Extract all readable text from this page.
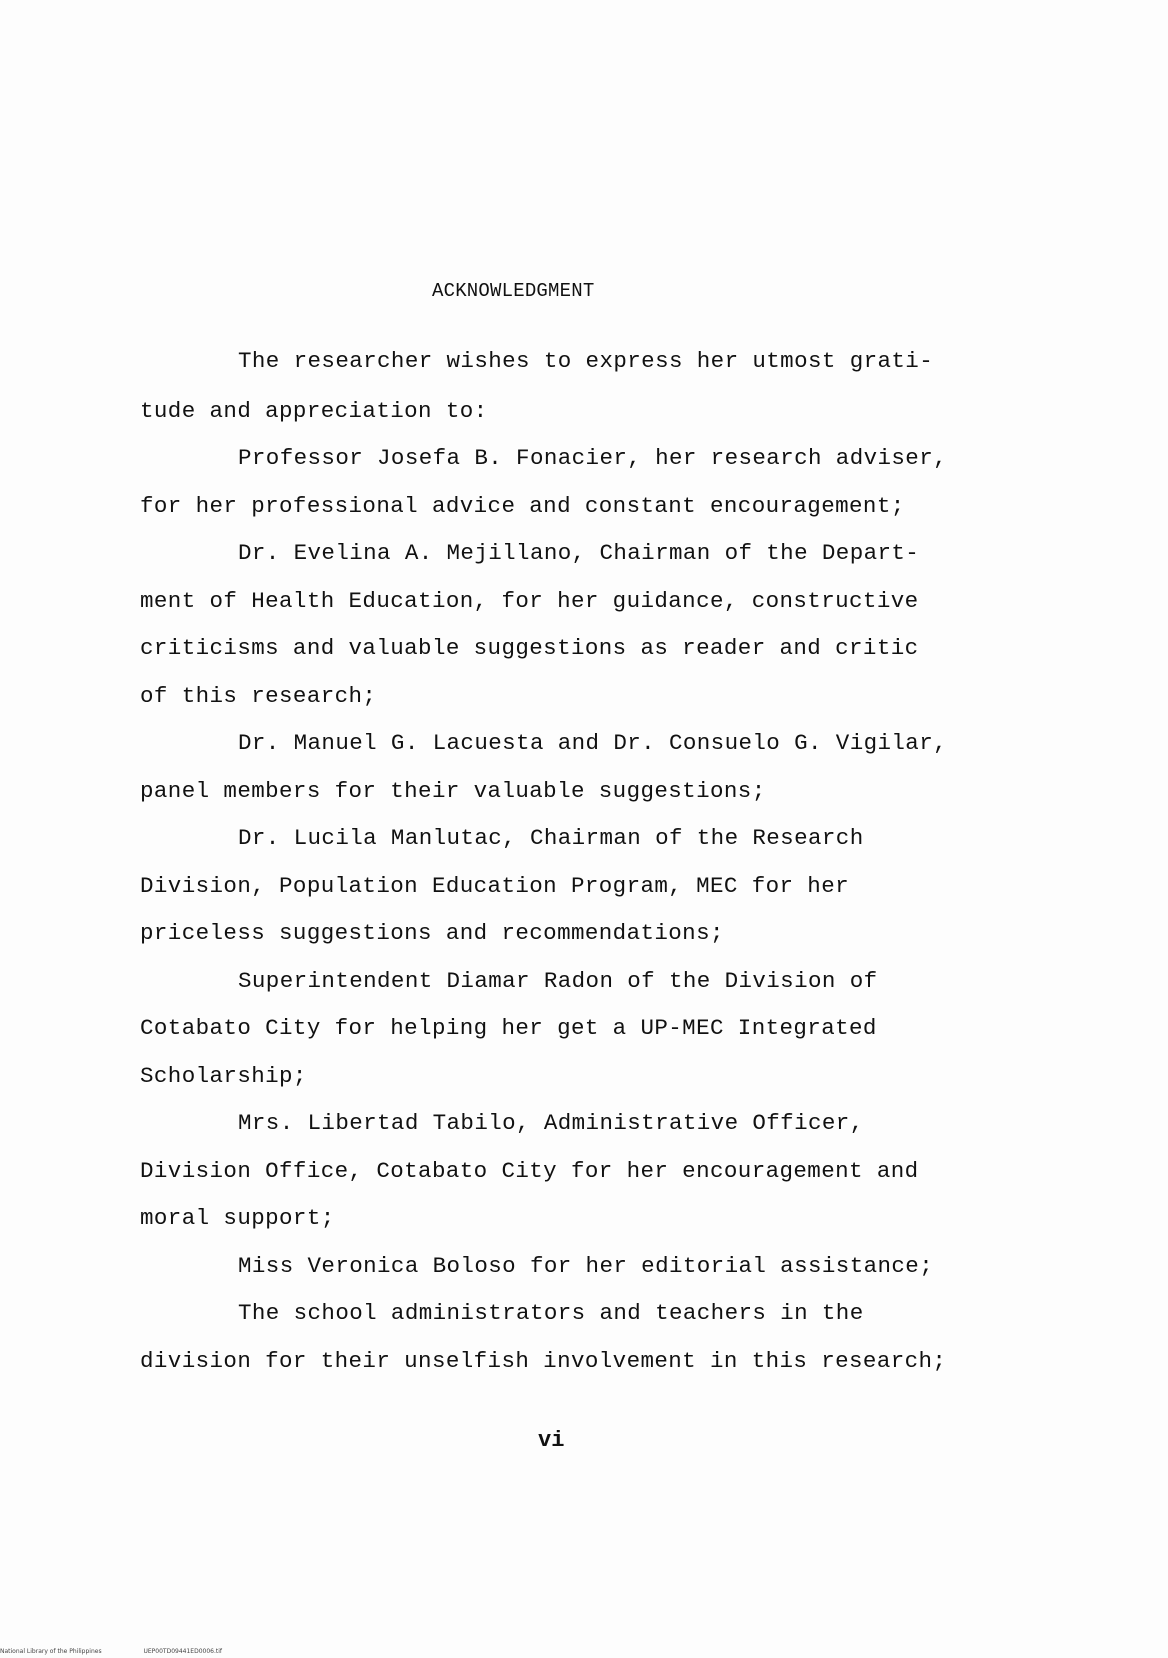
ACKNOWLEDGMENT
The researcher wishes to express her utmost grati-
tude and appreciation to:
Professor Josefa B. Fonacier, her research adviser,
for her professional advice and constant encouragement;
Dr. Evelina A. Mejillano, Chairman of the Depart-
ment of Health Education, for her guidance, constructive
criticisms and valuable suggestions as reader and critic
of this research;
Dr. Manuel G. Lacuesta and Dr. Consuelo G. Vigilar,
panel members for their valuable suggestions;
Dr. Lucila Manlutac, Chairman of the Research
Division, Population Education Program, MEC for her
priceless suggestions and recommendations;
Superintendent Diamar Radon of the Division of
Cotabato City for helping her get a UP-MEC Integrated
Scholarship;
Mrs. Libertad Tabilo, Administrative Officer,
Division Office, Cotabato City for her encouragement and
moral support;
Miss Veronica Boloso for her editorial assistance;
The school administrators and teachers in the
division for their unselfish involvement in this research;
vi
National Library of the Philippines	UEP00TD09441ED0006.tif
